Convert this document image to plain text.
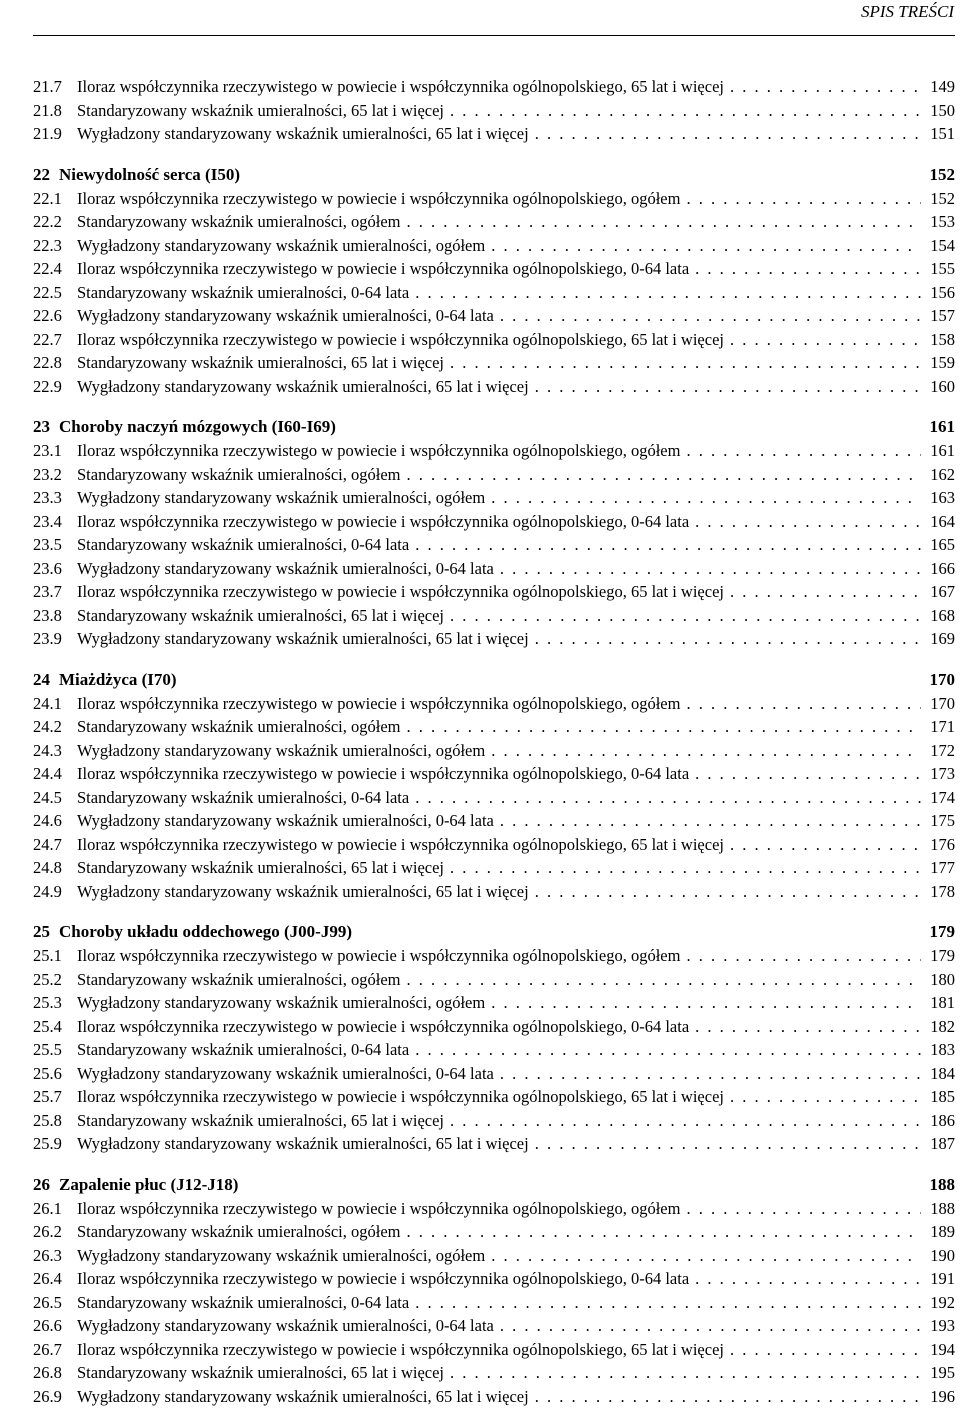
SPIS TREŚCI
21.7 Iloraz współczynnika rzeczywistego w powiecie i współczynnika ogólnopolskiego, 65 lat i więcej . . .	149
21.8 Standaryzowany wskaźnik umieralności, 65 lat i więcej . . .	150
21.9 Wygładzony standaryzowany wskaźnik umieralności, 65 lat i więcej . . .	151
22 Niewydolność serca (I50)	152
22.1 Iloraz współczynnika rzeczywistego w powiecie i współczynnika ogólnopolskiego, ogółem . . .	152
22.2 Standaryzowany wskaźnik umieralności, ogółem . . .	153
22.3 Wygładzony standaryzowany wskaźnik umieralności, ogółem . . .	154
22.4 Iloraz współczynnika rzeczywistego w powiecie i współczynnika ogólnopolskiego, 0-64 lata . . .	155
22.5 Standaryzowany wskaźnik umieralności, 0-64 lata . . .	156
22.6 Wygładzony standaryzowany wskaźnik umieralności, 0-64 lata . . .	157
22.7 Iloraz współczynnika rzeczywistego w powiecie i współczynnika ogólnopolskiego, 65 lat i więcej . . .	158
22.8 Standaryzowany wskaźnik umieralności, 65 lat i więcej . . .	159
22.9 Wygładzony standaryzowany wskaźnik umieralności, 65 lat i więcej . . .	160
23 Choroby naczyń mózgowych (I60-I69)	161
23.1 Iloraz współczynnika rzeczywistego w powiecie i współczynnika ogólnopolskiego, ogółem . . .	161
23.2 Standaryzowany wskaźnik umieralności, ogółem . . .	162
23.3 Wygładzony standaryzowany wskaźnik umieralności, ogółem . . .	163
23.4 Iloraz współczynnika rzeczywistego w powiecie i współczynnika ogólnopolskiego, 0-64 lata . . .	164
23.5 Standaryzowany wskaźnik umieralności, 0-64 lata . . .	165
23.6 Wygładzony standaryzowany wskaźnik umieralności, 0-64 lata . . .	166
23.7 Iloraz współczynnika rzeczywistego w powiecie i współczynnika ogólnopolskiego, 65 lat i więcej . . .	167
23.8 Standaryzowany wskaźnik umieralności, 65 lat i więcej . . .	168
23.9 Wygładzony standaryzowany wskaźnik umieralności, 65 lat i więcej . . .	169
24 Miażdżyca (I70)	170
24.1 Iloraz współczynnika rzeczywistego w powiecie i współczynnika ogólnopolskiego, ogółem . . .	170
24.2 Standaryzowany wskaźnik umieralności, ogółem . . .	171
24.3 Wygładzony standaryzowany wskaźnik umieralności, ogółem . . .	172
24.4 Iloraz współczynnika rzeczywistego w powiecie i współczynnika ogólnopolskiego, 0-64 lata . . .	173
24.5 Standaryzowany wskaźnik umieralności, 0-64 lata . . .	174
24.6 Wygładzony standaryzowany wskaźnik umieralności, 0-64 lata . . .	175
24.7 Iloraz współczynnika rzeczywistego w powiecie i współczynnika ogólnopolskiego, 65 lat i więcej . . .	176
24.8 Standaryzowany wskaźnik umieralności, 65 lat i więcej . . .	177
24.9 Wygładzony standaryzowany wskaźnik umieralności, 65 lat i więcej . . .	178
25 Choroby układu oddechowego (J00-J99)	179
25.1 Iloraz współczynnika rzeczywistego w powiecie i współczynnika ogólnopolskiego, ogółem . . .	179
25.2 Standaryzowany wskaźnik umieralności, ogółem . . .	180
25.3 Wygładzony standaryzowany wskaźnik umieralności, ogółem . . .	181
25.4 Iloraz współczynnika rzeczywistego w powiecie i współczynnika ogólnopolskiego, 0-64 lata . . .	182
25.5 Standaryzowany wskaźnik umieralności, 0-64 lata . . .	183
25.6 Wygładzony standaryzowany wskaźnik umieralności, 0-64 lata . . .	184
25.7 Iloraz współczynnika rzeczywistego w powiecie i współczynnika ogólnopolskiego, 65 lat i więcej . . .	185
25.8 Standaryzowany wskaźnik umieralności, 65 lat i więcej . . .	186
25.9 Wygładzony standaryzowany wskaźnik umieralności, 65 lat i więcej . . .	187
26 Zapalenie płuc (J12-J18)	188
26.1 Iloraz współczynnika rzeczywistego w powiecie i współczynnika ogólnopolskiego, ogółem . . .	188
26.2 Standaryzowany wskaźnik umieralności, ogółem . . .	189
26.3 Wygładzony standaryzowany wskaźnik umieralności, ogółem . . .	190
26.4 Iloraz współczynnika rzeczywistego w powiecie i współczynnika ogólnopolskiego, 0-64 lata . . .	191
26.5 Standaryzowany wskaźnik umieralności, 0-64 lata . . .	192
26.6 Wygładzony standaryzowany wskaźnik umieralności, 0-64 lata . . .	193
26.7 Iloraz współczynnika rzeczywistego w powiecie i współczynnika ogólnopolskiego, 65 lat i więcej . . .	194
26.8 Standaryzowany wskaźnik umieralności, 65 lat i więcej . . .	195
26.9 Wygładzony standaryzowany wskaźnik umieralności, 65 lat i więcej . . .	196
